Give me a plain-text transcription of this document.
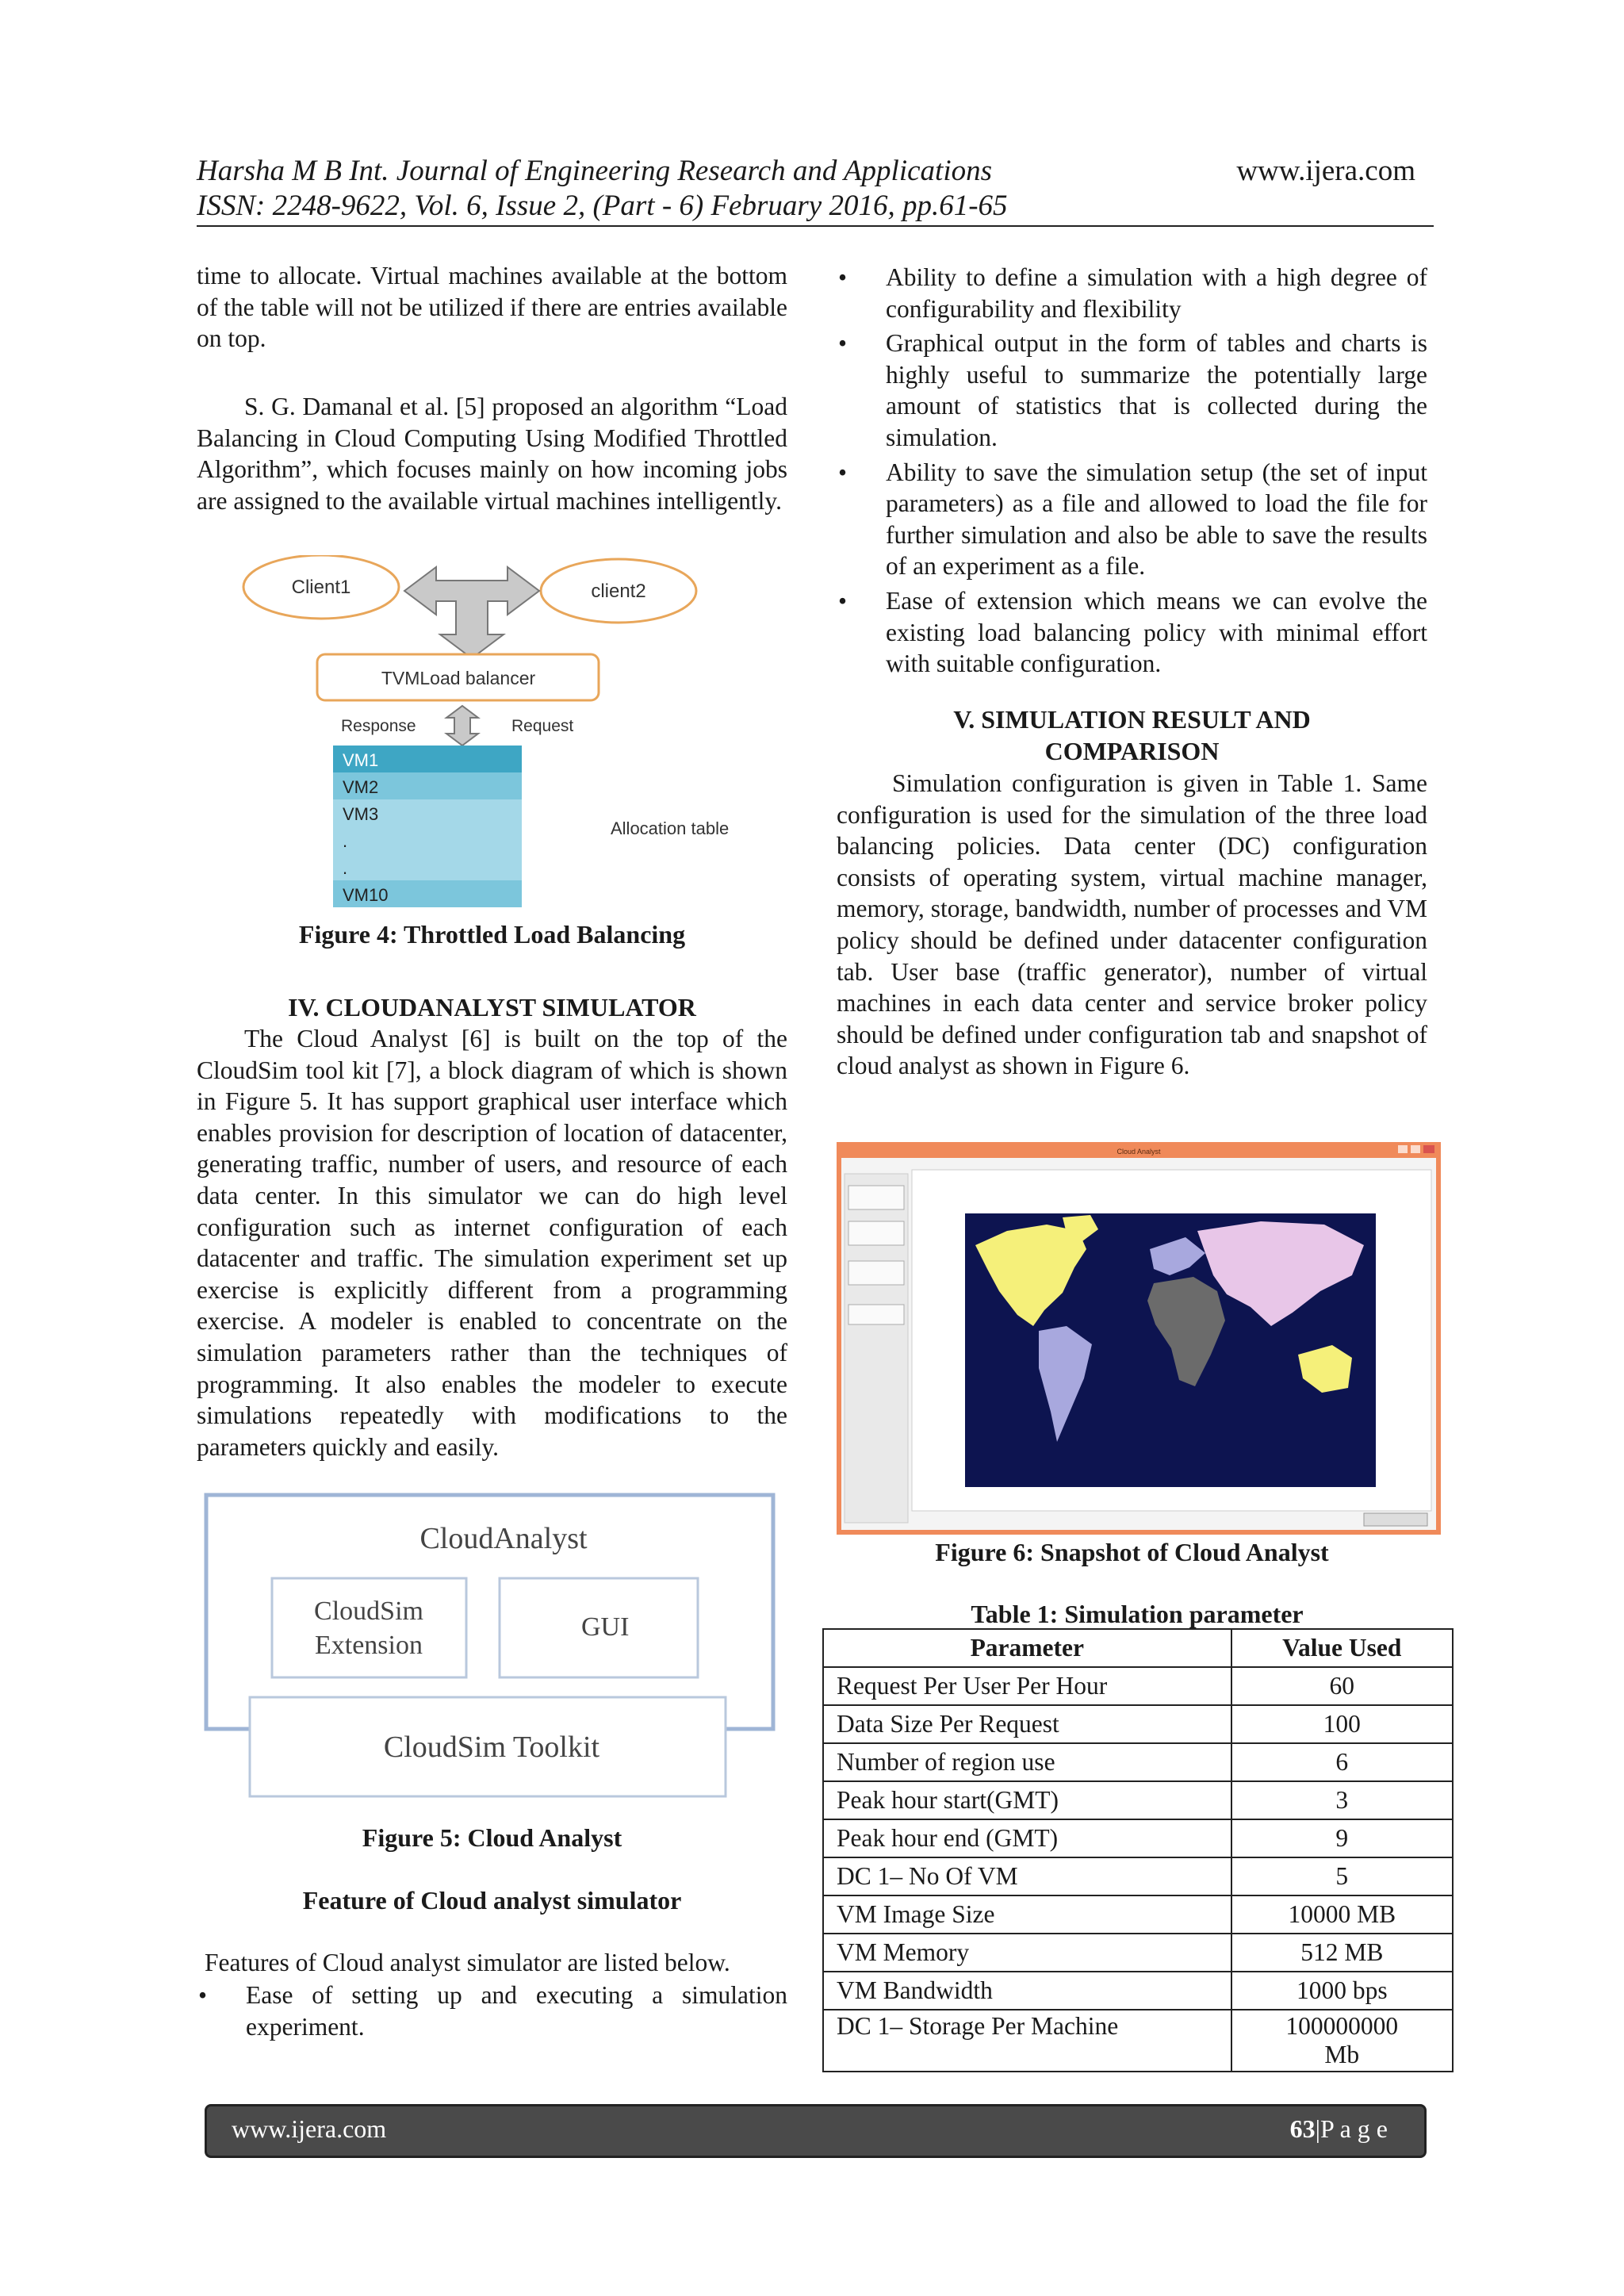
Harsha M B Int. Journal of Engineering Research and Applications
ISSN: 2248-9622, Vol. 6, Issue 2, (Part - 6) February 2016, pp.61-65
www.ijera.com
time to allocate. Virtual machines available at the bottom of the table will not be utilized if there are entries available on top.
S. G. Damanal et al. [5] proposed an algorithm “Load Balancing in Cloud Computing Using Modified Throttled Algorithm”, which focuses mainly on how incoming jobs are assigned to the available virtual machines intelligently.
Client1	client2
TVMLoad balancer
Response	Request
VM1
VM2
VM3
.
.
VM10
Allocation table
Figure 4: Throttled Load Balancing
IV. CLOUDANALYST SIMULATOR
The Cloud Analyst [6] is built on the top of the CloudSim tool kit [7], a block diagram of which is shown in Figure 5. It has support graphical user interface which enables provision for description of location of datacenter, generating traffic, number of users, and resource of each data center. In this simulator we can do high level configuration such as internet configuration of each datacenter and traffic. The simulation experiment set up exercise is explicitly different from a programming exercise. A modeler is enabled to concentrate on the simulation parameters rather than the techniques of programming. It also enables the modeler to execute simulations repeatedly with modifications to the parameters quickly and easily.
CloudAnalyst
CloudSim
Extension
GUI
CloudSim Toolkit
Figure 5: Cloud Analyst
Feature of Cloud analyst simulator
Features of Cloud analyst simulator are listed below.
• Ease of setting up and executing a simulation experiment.
• Ability to define a simulation with a high degree of configurability and flexibility
• Graphical output in the form of tables and charts is highly useful to summarize the potentially large amount of statistics that is collected during the simulation.
• Ability to save the simulation setup (the set of input parameters) as a file and allowed to load the file for further simulation and also be able to save the results of an experiment as a file.
• Ease of extension which means we can evolve the existing load balancing policy with minimal effort with suitable configuration.
V. SIMULATION RESULT AND
COMPARISON
Simulation configuration is given in Table 1. Same configuration is used for the simulation of the three load balancing policies. Data center (DC) configuration consists of operating system, virtual machine manager, memory, storage, bandwidth, number of processes and VM policy should be defined under datacenter configuration tab. User base (traffic generator), number of virtual machines in each data center and service broker policy should be defined under configuration tab and snapshot of cloud analyst as shown in Figure 6.
Cloud Analyst
Figure 6: Snapshot of Cloud Analyst
Table 1: Simulation parameter
Parameter	Value Used
Request Per User Per Hour	60
Data Size Per Request	100
Number of region use	6
Peak hour start(GMT)	3
Peak hour end (GMT)	9
DC 1– No Of VM	5
VM Image Size	10000 MB
VM Memory	512 MB
VM Bandwidth	1000 bps
DC 1– Storage Per Machine	100000000 Mb
www.ijera.com	63|P a g e
